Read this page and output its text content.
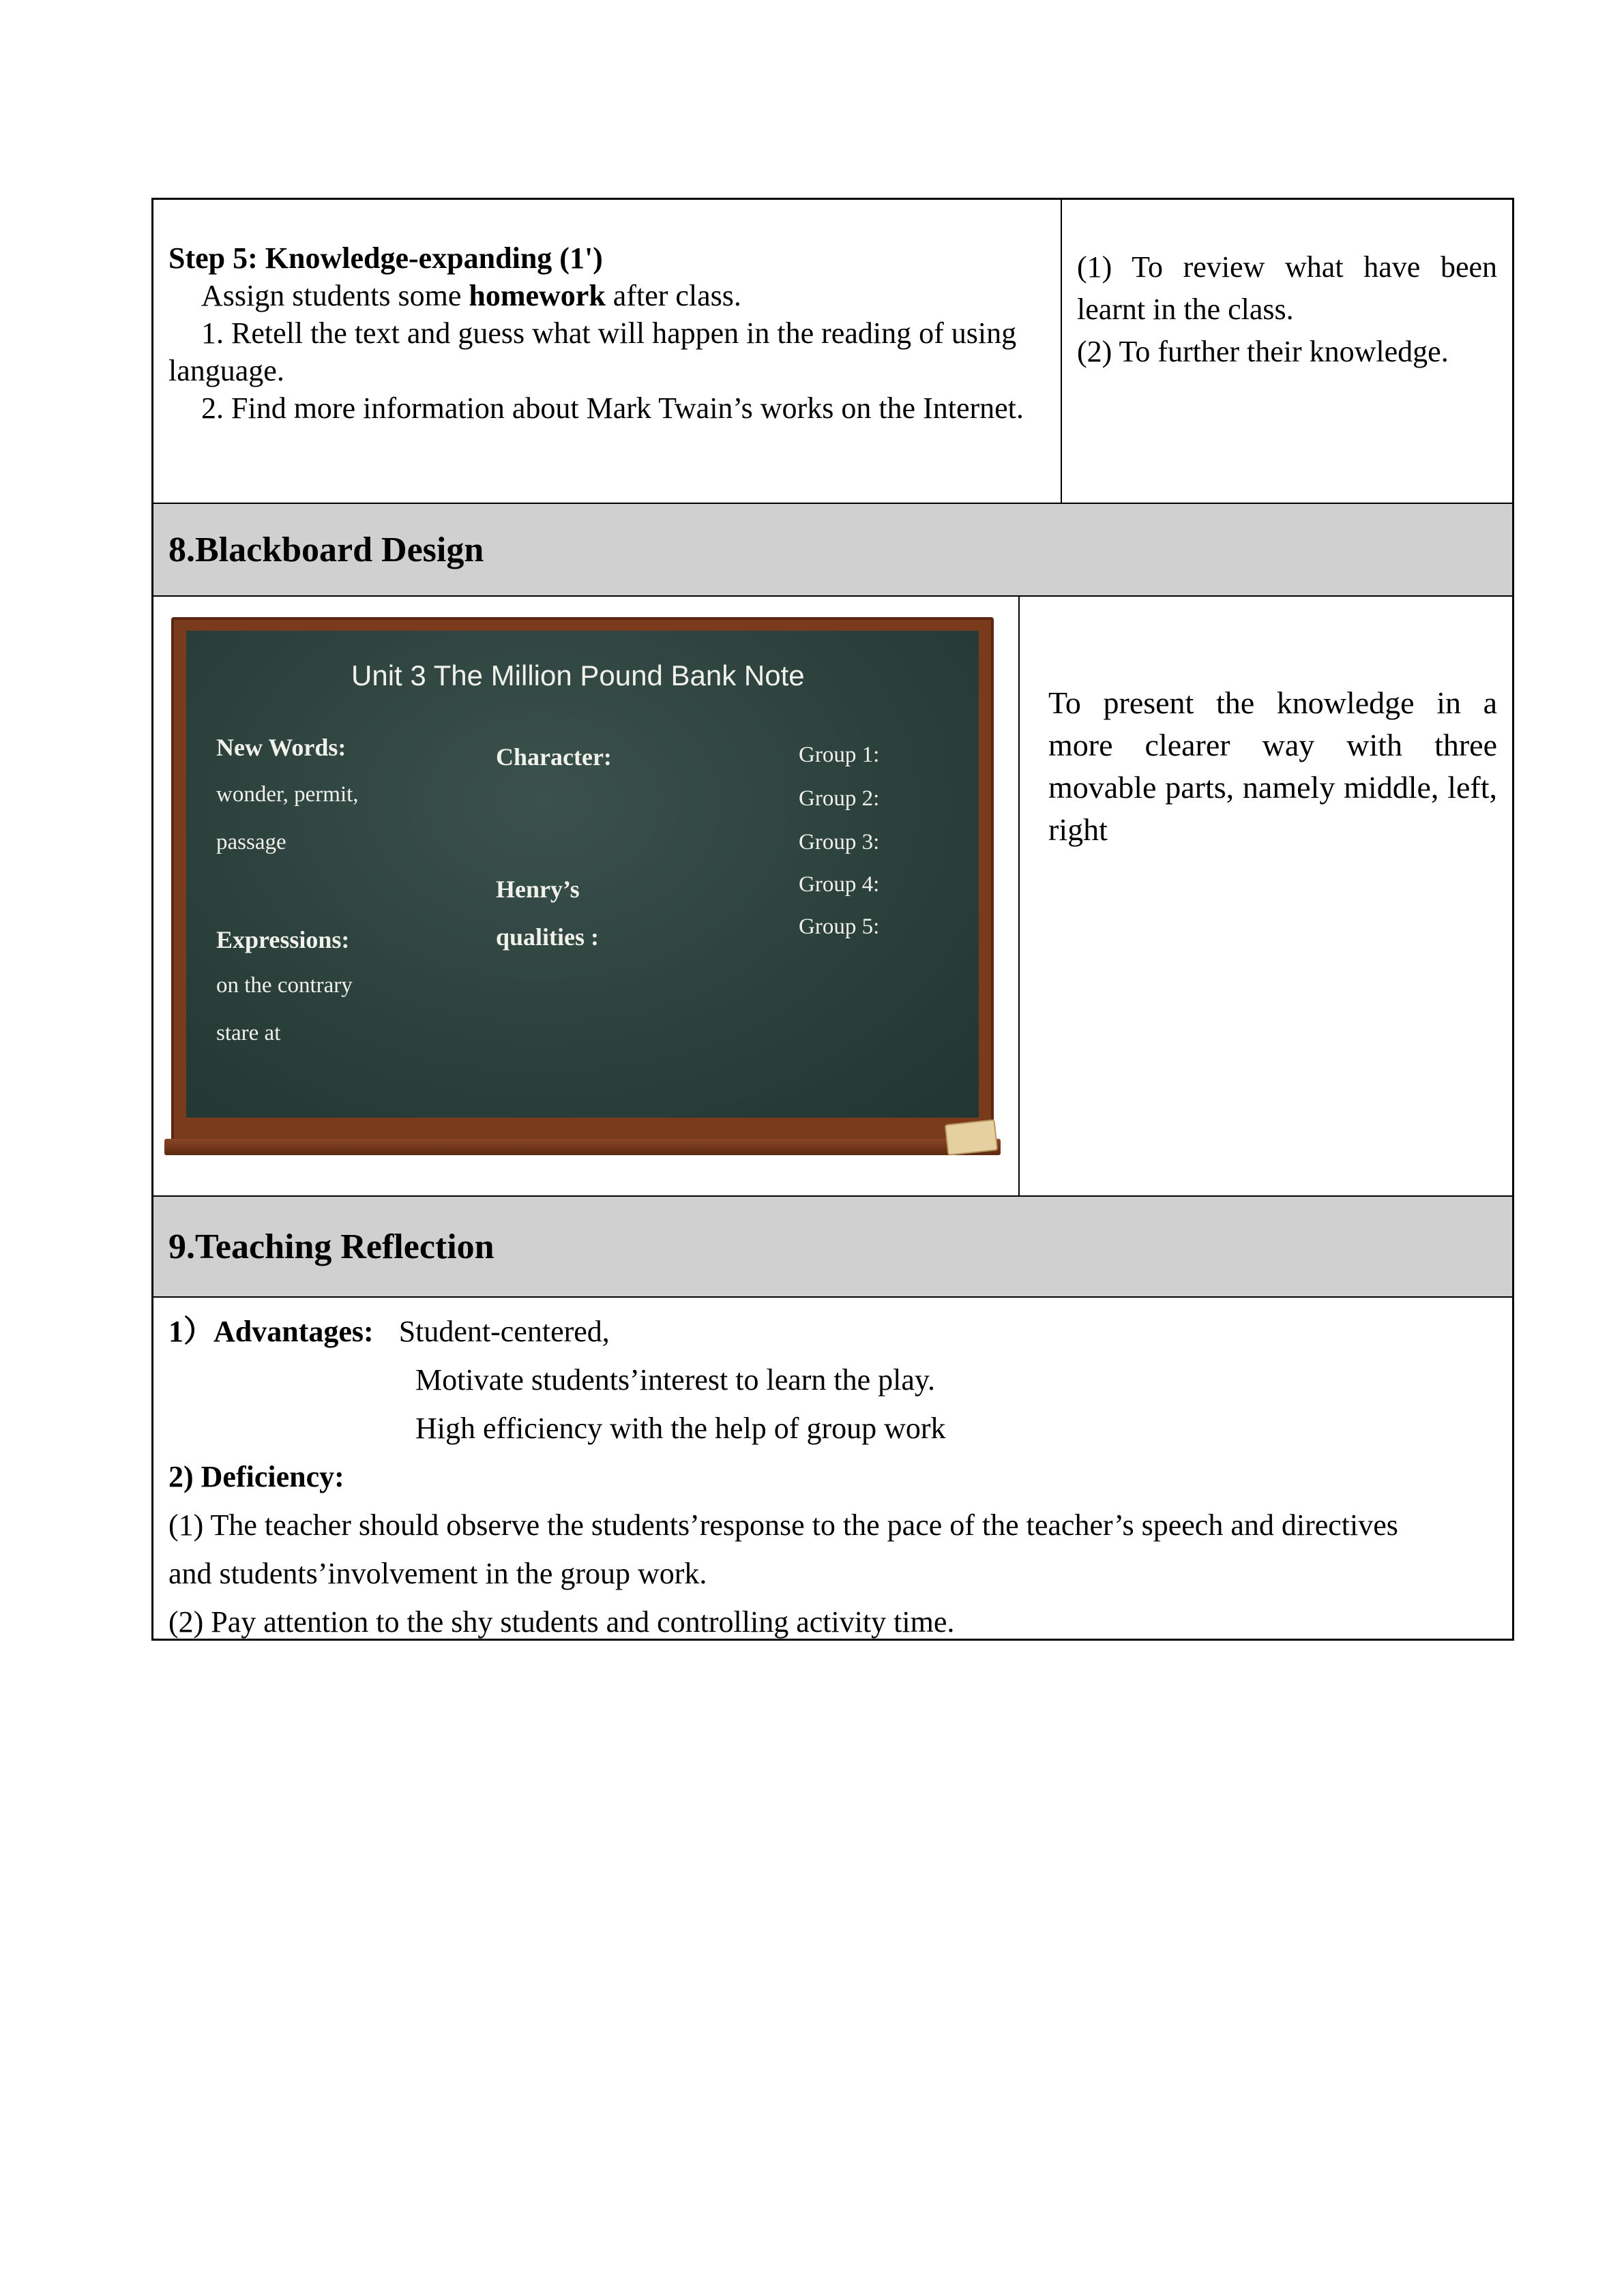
Step 5: Knowledge-expanding (1')
Assign students some homework after class.
1. Retell the text and guess what will happen in the reading of using language.
2. Find more information about Mark Twain’s works on the Internet.
(1) To review what have been learnt in the class.
(2) To further their knowledge.
8.Blackboard Design
Unit 3 The Million Pound Bank Note
New Words:
wonder, permit,
passage
Expressions:
on the contrary
stare at
Character:
Henry’s
qualities :
Group 1:
Group 2:
Group 3:
Group 4:
Group 5:
To present the knowledge in a more clearer way with three movable parts, namely middle, left, right
9.Teaching Reflection
1）Advantages: Student-centered,
Motivate students’interest to learn the play.
High efficiency with the help of group work
2) Deficiency:
(1) The teacher should observe the students’response to the pace of the teacher’s speech and directives and students’involvement in the group work.
(2) Pay attention to the shy students and controlling activity time.
